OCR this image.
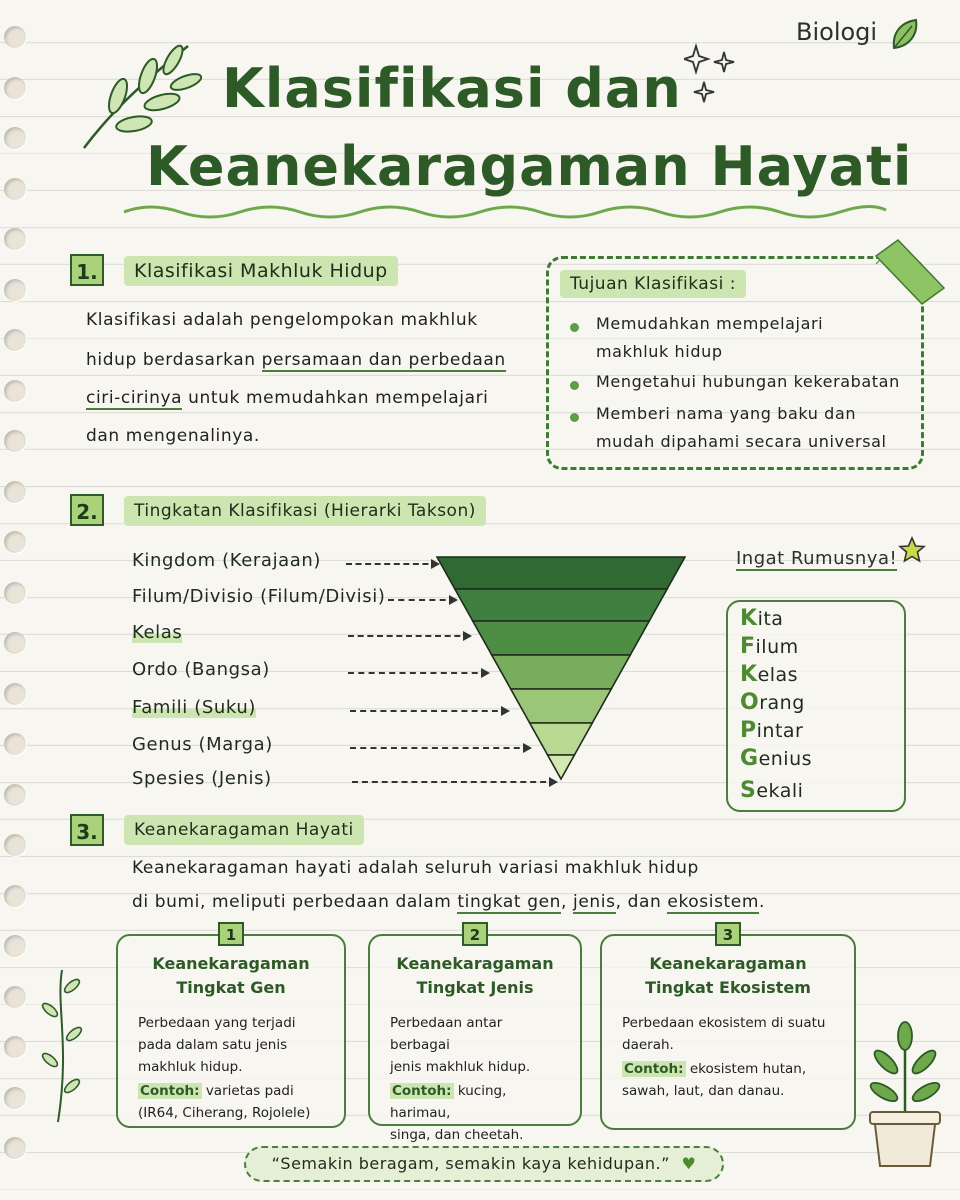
Biologi
Klasifikasi dan
Keanekaragaman Hayati
1.	Klasifikasi Makhluk Hidup
Klasifikasi adalah pengelompokan makhluk
hidup berdasarkan persamaan dan perbedaan
ciri-cirinya untuk memudahkan mempelajari
dan mengenalinya.
Tujuan Klasifikasi :
Memudahkan mempelajari
makhluk hidup
Mengetahui hubungan kekerabatan
Memberi nama yang baku dan
mudah dipahami secara universal
2.	Tingkatan Klasifikasi (Hierarki Takson)
Kingdom (Kerajaan)
Filum/Divisio (Filum/Divisi)
Kelas
Ordo (Bangsa)
Famili (Suku)
Genus (Marga)
Spesies (Jenis)
Ingat Rumusnya!
Kita
Filum
Kelas
Orang
Pintar
Genius
Sekali
3.	Keanekaragaman Hayati
Keanekaragaman hayati adalah seluruh variasi makhluk hidup
di bumi, meliputi perbedaan dalam tingkat gen, jenis, dan ekosistem.
1
Keanekaragaman
Tingkat Gen
Perbedaan yang terjadi
pada dalam satu jenis
makhluk hidup.
Contoh: varietas padi
(IR64, Ciherang, Rojolele)
2
Keanekaragaman
Tingkat Jenis
Perbedaan antar berbagai
jenis makhluk hidup.
Contoh: kucing, harimau,
singa, dan cheetah.
3
Keanekaragaman
Tingkat Ekosistem
Perbedaan ekosistem di suatu
daerah.
Contoh: ekosistem hutan,
sawah, laut, dan danau.
“Semakin beragam, semakin kaya kehidupan.” ♥
